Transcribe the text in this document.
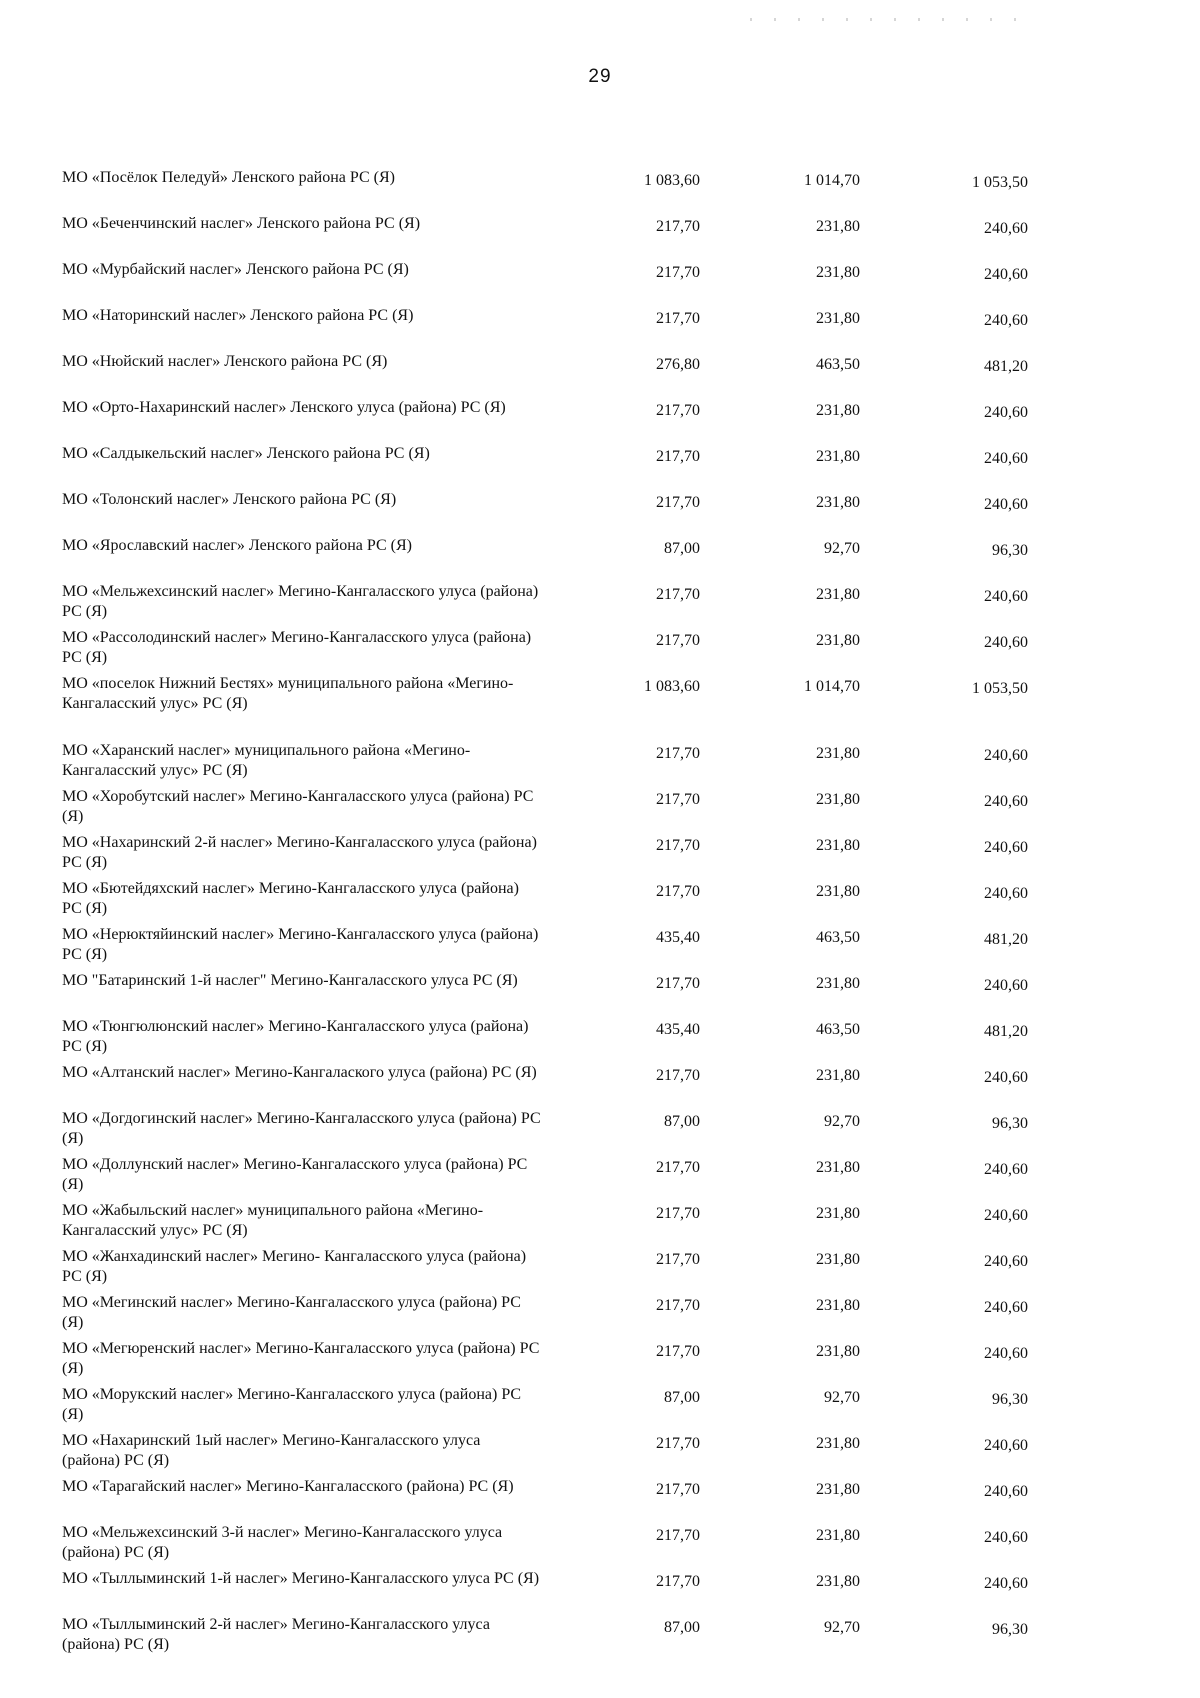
29
МО «Посёлок Пеледуй» Ленского района РС (Я)	1 083,60	1 014,70	1 053,50
МО «Беченчинский наслег» Ленского района РС (Я)	217,70	231,80	240,60
МО «Мурбайский наслег» Ленского района РС (Я)	217,70	231,80	240,60
МО «Наторинский наслег» Ленского района РС (Я)	217,70	231,80	240,60
МО «Нюйский наслег» Ленского района РС (Я)	276,80	463,50	481,20
МО «Орто-Нахаринский наслег» Ленского улуса (района) РС (Я)	217,70	231,80	240,60
МО «Салдыкельский наслег» Ленского района РС (Я)	217,70	231,80	240,60
МО «Толонский наслег» Ленского района РС (Я)	217,70	231,80	240,60
МО «Ярославский наслег» Ленского района РС (Я)	87,00	92,70	96,30
МО «Мельжехсинский наслег» Мегино-Кангаласского улуса (района) РС (Я)	217,70	231,80	240,60
МО «Рассолодинский наслег» Мегино-Кангаласского улуса (района) РС (Я)	217,70	231,80	240,60
МО «поселок Нижний Бестях» муниципального района «Мегино-Кангаласский улус» РС (Я)	1 083,60	1 014,70	1 053,50
МО «Харанский наслег» муниципального района «Мегино-Кангаласский улус» РС (Я)	217,70	231,80	240,60
МО «Хоробутский наслег» Мегино-Кангаласского улуса (района) РС (Я)	217,70	231,80	240,60
МО «Нахаринский 2-й наслег» Мегино-Кангаласского улуса (района) РС (Я)	217,70	231,80	240,60
МО «Бютейдяхский наслег» Мегино-Кангаласского улуса (района) РС (Я)	217,70	231,80	240,60
МО «Нерюктяйинский наслег» Мегино-Кангаласского улуса (района) РС (Я)	435,40	463,50	481,20
МО "Батаринский 1-й наслег" Мегино-Кангаласского улуса РС (Я)	217,70	231,80	240,60
МО «Тюнгюлюнский наслег» Мегино-Кангаласского улуса (района) РС (Я)	435,40	463,50	481,20
МО «Алтанский наслег» Мегино-Кангалаского улуса (района) РС (Я)	217,70	231,80	240,60
МО «Догдогинский наслег» Мегино-Кангаласского улуса (района) РС (Я)	87,00	92,70	96,30
МО «Доллунский наслег» Мегино-Кангаласского улуса (района) РС (Я)	217,70	231,80	240,60
МО «Жабыльский наслег» муниципального района «Мегино-Кангаласский улус» РС (Я)	217,70	231,80	240,60
МО «Жанхадинский наслег» Мегино- Кангаласского улуса (района) РС (Я)	217,70	231,80	240,60
МО «Мегинский наслег» Мегино-Кангаласского улуса (района) РС (Я)	217,70	231,80	240,60
МО «Мегюренский наслег» Мегино-Кангаласского улуса (района) РС (Я)	217,70	231,80	240,60
МО «Морукский наслег» Мегино-Кангаласского улуса (района) РС (Я)	87,00	92,70	96,30
МО «Нахаринский 1ый наслег» Мегино-Кангаласского улуса (района) РС (Я)	217,70	231,80	240,60
МО «Тарагайский наслег» Мегино-Кангаласского (района) РС (Я)	217,70	231,80	240,60
МО «Мельжехсинский 3-й наслег» Мегино-Кангаласского улуса (района) РС (Я)	217,70	231,80	240,60
МО «Тыллыминский 1-й наслег» Мегино-Кангаласского улуса РС (Я)	217,70	231,80	240,60
МО «Тыллыминский 2-й наслег» Мегино-Кангаласского улуса (района) РС (Я)	87,00	92,70	96,30
